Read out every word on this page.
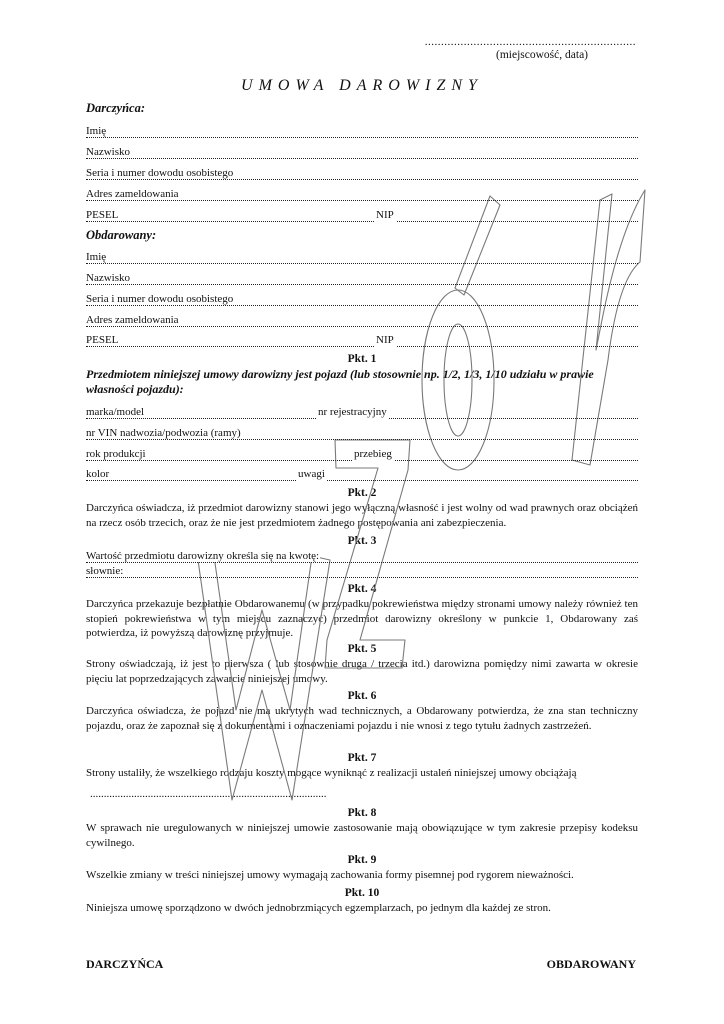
.................................................................
(miejscowość, data)
UMOWA DAROWIZNY
Darczyńca:
Imię
Nazwisko
Seria i numer dowodu osobistego
Adres zameldowania
PESEL	NIP
Obdarowany:
Imię
Nazwisko
Seria i numer dowodu osobistego
Adres zameldowania
PESEL	NIP
Pkt. 1
Przedmiotem niniejszej umowy darowizny jest pojazd (lub stosownie np. 1/2, 1/3, 1/10 udziału w prawie własności pojazdu):
marka/model	nr rejestracyjny
nr VIN nadwozia/podwozia (ramy)
rok produkcji	przebieg
kolor	uwagi
Pkt. 2
Darczyńca oświadcza, iż przedmiot darowizny stanowi jego wyłączną własność i jest wolny od wad prawnych oraz obciążeń na rzecz osób trzecich, oraz że nie jest przedmiotem żadnego postępowania ani zabezpieczenia.
Pkt. 3
Wartość przedmiotu darowizny określa się na kwotę:
słownie:
Pkt. 4
Darczyńca przekazuje bezpłatnie Obdarowanemu (w przypadku pokrewieństwa między stronami umowy należy również ten stopień pokrewieństwa w tym miejscu zaznaczyć) przedmiot darowizny określony w punkcie 1, Obdarowany zaś potwierdza, iż powyższą darowiznę przyjmuje.
Pkt. 5
Strony oświadczają, iż jest to pierwsza ( lub stosownie druga / trzecia itd.) darowizna pomiędzy nimi zawarta w okresie pięciu lat poprzedzających zawarcie niniejszej umowy.
Pkt. 6
Darczyńca oświadcza, że pojazd nie ma ukrytych wad technicznych, a Obdarowany potwierdza, że zna stan techniczny pojazdu, oraz że zapoznał się z dokumentami i oznaczeniami pojazdu i nie wnosi z tego tytułu żadnych zastrzeżeń.
Pkt. 7
Strony ustaliły, że wszelkiego rodzaju koszty mogące wyniknąć z realizacji ustaleń niniejszej umowy obciążają
......................................................................................
Pkt. 8
W sprawach nie uregulowanych w niniejszej umowie zastosowanie mają obowiązujące w tym zakresie przepisy kodeksu cywilnego.
Pkt. 9
Wszelkie zmiany w treści niniejszej umowy wymagają zachowania formy pisemnej pod rygorem nieważności.
Pkt. 10
Niniejsza umowę sporządzono w dwóch jednobrzmiących egzemplarzach, po jednym dla każdej ze stron.
DARCZYŃCA	OBDAROWANY
